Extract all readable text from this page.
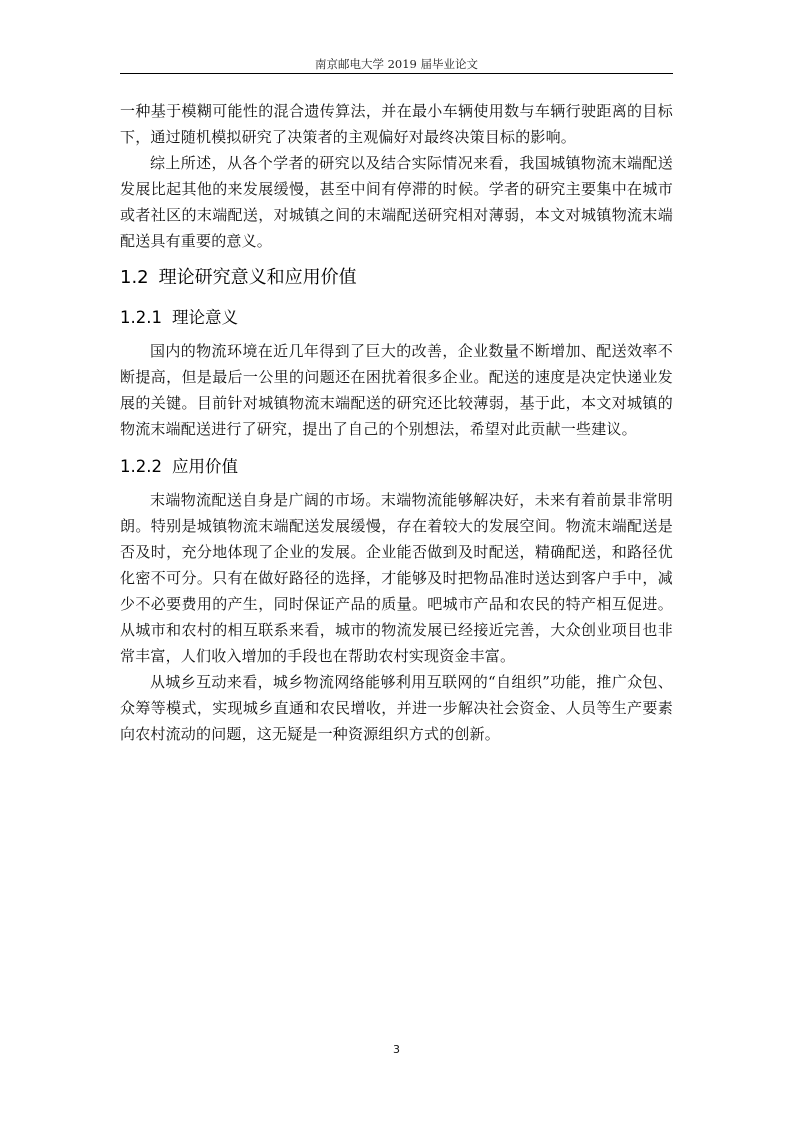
南京邮电大学 2019 届毕业论文

一种基于模糊可能性的混合遗传算法，并在最小车辆使用数与车辆行驶距离的目标下，通过随机模拟研究了决策者的主观偏好对最终决策目标的影响。

综上所述，从各个学者的研究以及结合实际情况来看，我国城镇物流末端配送发展比起其他的来发展缓慢，甚至中间有停滞的时候。学者的研究主要集中在城市或者社区的末端配送，对城镇之间的末端配送研究相对薄弱，本文对城镇物流末端配送具有重要的意义。

1.2 理论研究意义和应用价值
1.2.1 理论意义

国内的物流环境在近几年得到了巨大的改善，企业数量不断增加、配送效率不断提高，但是最后一公里的问题还在困扰着很多企业。配送的速度是决定快递业发展的关键。目前针对城镇物流末端配送的研究还比较薄弱，基于此，本文对城镇的物流末端配送进行了研究，提出了自己的个别想法，希望对此贡献一些建议。

1.2.2 应用价值

末端物流配送自身是广阔的市场。末端物流能够解决好，未来有着前景非常明朗。特别是城镇物流末端配送发展缓慢，存在着较大的发展空间。物流末端配送是否及时，充分地体现了企业的发展。企业能否做到及时配送，精确配送，和路径优化密不可分。只有在做好路径的选择，才能够及时把物品准时送达到客户手中，减少不必要费用的产生，同时保证产品的质量。吧城市产品和农民的特产相互促进。从城市和农村的相互联系来看，城市的物流发展已经接近完善，大众创业项目也非常丰富，人们收入增加的手段也在帮助农村实现资金丰富。

从城乡互动来看，城乡物流网络能够利用互联网的“自组织”功能，推广众包、众筹等模式，实现城乡直通和农民增收，并进一步解决社会资金、人员等生产要素向农村流动的问题，这无疑是一种资源组织方式的创新。

3
